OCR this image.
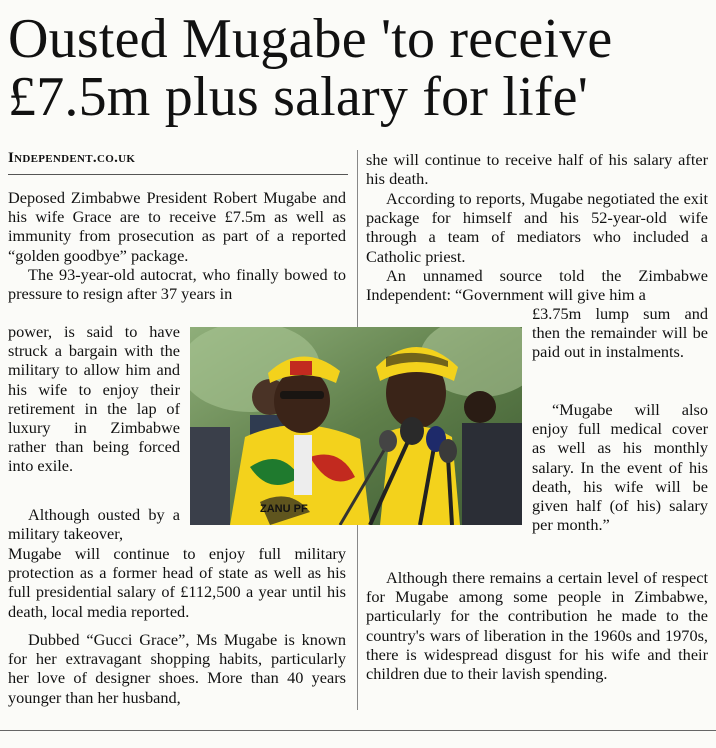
Ousted Mugabe 'to receive £7.5m plus salary for life'
Independent.co.uk

Deposed Zimbabwe President Robert Mugabe and his wife Grace are to receive £7.5m as well as immunity from prosecution as part of a reported “golden goodbye” package.

The 93-year-old autocrat, who finally bowed to pressure to resign after 37 years in

power, is said to have struck a bargain with the military to allow him and his wife to enjoy their retirement in the lap of luxury in Zimbabwe rather than being forced into exile.

Although ousted by a military takeover,

Mugabe will continue to enjoy full military protection as a former head of state as well as his full presidential salary of £112,500 a year until his death, local media reported.

Dubbed “Gucci Grace”, Ms Mugabe is known for her extravagant shopping habits, particularly her love of designer shoes. More than 40 years younger than her husband,

she will continue to receive half of his salary after his death.

According to reports, Mugabe negotiated the exit package for himself and his 52-year-old wife through a team of mediators who included a Catholic priest.

An unnamed source told the Zimbabwe Independent: “Government will give him a

£3.75m lump sum and then the remainder will be paid out in instalments.

“Mugabe will also enjoy full medical cover as well as his monthly salary. In the event of his death, his wife will be given half (of his) salary per month.”

Although there remains a certain level of respect for Mugabe among some people in Zimbabwe, particularly for the contribution he made to the country's wars of liberation in the 1960s and 1970s, there is widespread disgust for his wife and their children due to their lavish spending.

ZANU PF
